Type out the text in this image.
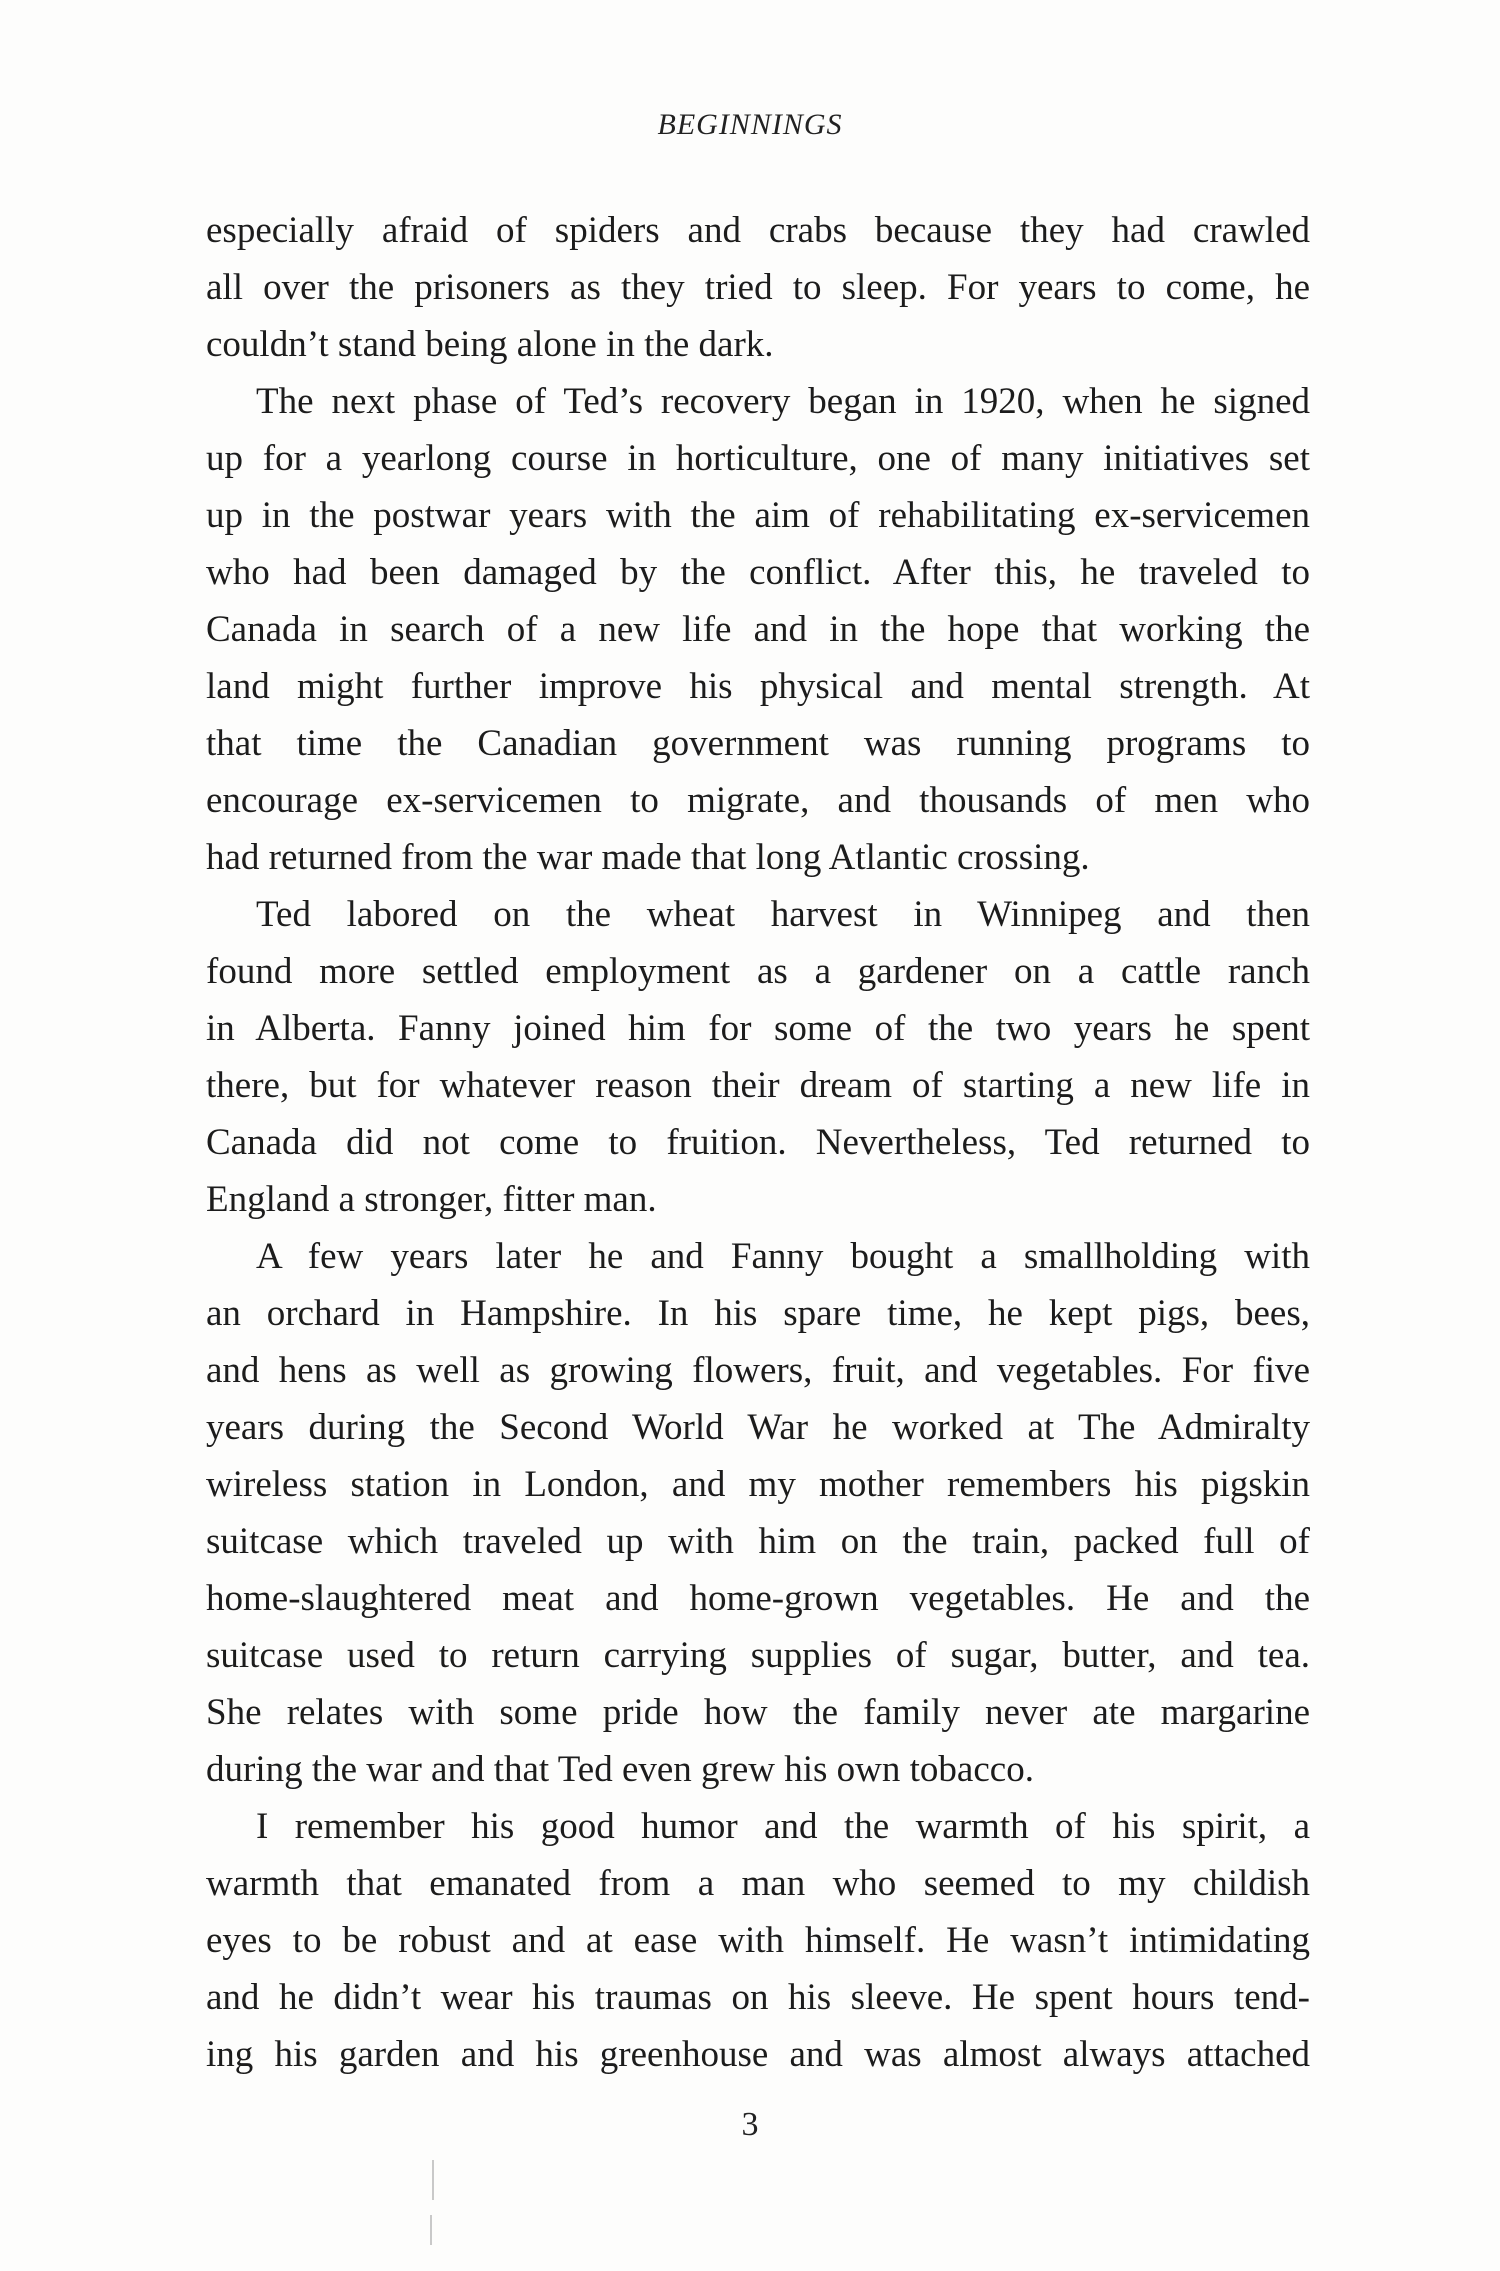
BEGINNINGS
especially afraid of spiders and crabs because they had crawled
all over the prisoners as they tried to sleep. For years to come, he
couldn’t stand being alone in the dark.
The next phase of Ted’s recovery began in 1920, when he signed
up for a yearlong course in horticulture, one of many initiatives set
up in the postwar years with the aim of rehabilitating ex-servicemen
who had been damaged by the conflict. After this, he traveled to
Canada in search of a new life and in the hope that working the
land might further improve his physical and mental strength. At
that time the Canadian government was running programs to
encourage ex-servicemen to migrate, and thousands of men who
had returned from the war made that long Atlantic crossing.
Ted labored on the wheat harvest in Winnipeg and then
found more settled employment as a gardener on a cattle ranch
in Alberta. Fanny joined him for some of the two years he spent
there, but for whatever reason their dream of starting a new life in
Canada did not come to fruition. Nevertheless, Ted returned to
England a stronger, fitter man.
A few years later he and Fanny bought a smallholding with
an orchard in Hampshire. In his spare time, he kept pigs, bees,
and hens as well as growing flowers, fruit, and vegetables. For five
years during the Second World War he worked at The Admiralty
wireless station in London, and my mother remembers his pigskin
suitcase which traveled up with him on the train, packed full of
home-slaughtered meat and home-grown vegetables. He and the
suitcase used to return carrying supplies of sugar, butter, and tea.
She relates with some pride how the family never ate margarine
during the war and that Ted even grew his own tobacco.
I remember his good humor and the warmth of his spirit, a
warmth that emanated from a man who seemed to my childish
eyes to be robust and at ease with himself. He wasn’t intimidating
and he didn’t wear his traumas on his sleeve. He spent hours tend-
ing his garden and his greenhouse and was almost always attached
3
